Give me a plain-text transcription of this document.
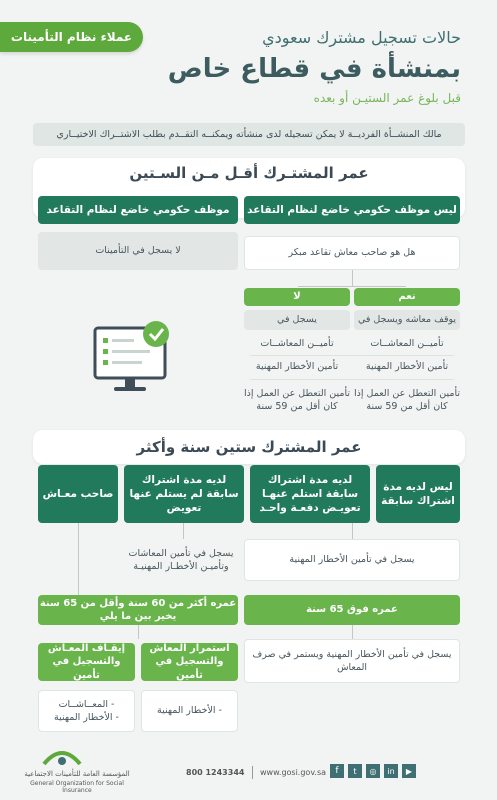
عملاء نظام التأمينات	حالات تسجيل مشترك سعودي
بمنشأة في قطاع خاص
قبل بلوغ عمر الستيـن أو بعده
مالك المنشــأة الفرديــة لا يمكن تسجيله لدى منشأته ويمكنــه التقــدم بطلب الاشتــراك الاختيــاري
عمر المشتـرك أقـل مـن السـتين
ليس موظف حكومي خاضع لنظام التقاعد
موظف حكومي خاضع لنظام التقاعد
لا يسجل في التأمينات	هل هو صاحب معاش تقاعد مبكر
نعم
لا
يوقف معاشه ويسجل في
يسجل في
تأميــن المعاشــات
تأمين الأخطار المهنية
تأمين التعطل عن العمل إذا كان أقل من 59 سنة
تأميــن المعاشــات
تأمين الأخطار المهنية
تأمين التعطل عن العمل إذا كان أقل من 59 سنة
عمر المشترك ستين سنة وأكثر
ليس لديه مدة اشتراك سابقة
لديه مدة اشتراك سابقة استلم عنهـا تعويـض دفعـة واحـد
لديه مدة اشتراك سابقة لم يستلم عنها تعويض
صاحب معـاش
يسجل في تأمين الأخطار المهنية
يسجل في تأمين المعاشات وتأميـن الأخطـار المهنيـة
عمره فوق 65 سنة
عمره أكثر من 60 سنة وأقل من 65 سنة يخير بين ما يلي
يسجل في تأمين الأخطار المهنية ويستمر في صرف المعاش
استمرار المعاش والتسجيل في تأمين
إيقـاف المعـاش والتسجيل في تأمين
- الأخطار المهنية
- المعــاشــات
- الأخطار المهنية
المؤسسة العامة للتأمينات الاجتماعية
General Organization for Social Insurance
800 1243344 www.gosi.gov.sa	f	t	◎	in	▶
